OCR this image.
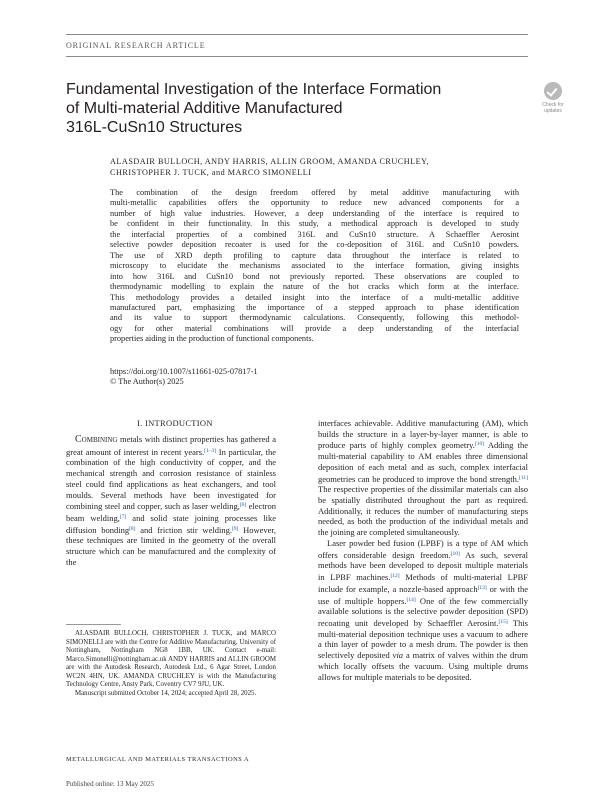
ORIGINAL RESEARCH ARTICLE
Fundamental Investigation of the Interface Formation
of Multi-material Additive Manufactured
316L-CuSn10 Structures
Check for
updates
ALASDAIR BULLOCH, ANDY HARRIS, ALLIN GROOM, AMANDA CRUCHLEY,
CHRISTOPHER J. TUCK, and MARCO SIMONELLI
The combination of the design freedom offered by metal additive manufacturing with
multi-metallic capabilities offers the opportunity to reduce new advanced components for a
number of high value industries. However, a deep understanding of the interface is required to
be confident in their functionality. In this study, a methodical approach is developed to study
the interfacial properties of a combined 316L and CuSn10 structure. A Schaeffler Aerosint
selective powder deposition recoater is used for the co-deposition of 316L and CuSn10 powders.
The use of XRD depth profiling to capture data throughout the interface is related to
microscopy to elucidate the mechanisms associated to the interface formation, giving insights
into how 316L and CuSn10 bond not previously reported. These observations are coupled to
thermodynamic modelling to explain the nature of the hot cracks which form at the interface.
This methodology provides a detailed insight into the interface of a multi-metallic additive
manufactured part, emphasizing the importance of a stepped approach to phase identification
and its value to support thermodynamic calculations. Consequently, following this methodol-
ogy for other material combinations will provide a deep understanding of the interfacial
properties aiding in the production of functional components.
https://doi.org/10.1007/s11661-025-07817-1
© The Author(s) 2025
I. INTRODUCTION

Combining metals with distinct properties has gathered a great amount of interest in recent years.[1–3] In particular, the combination of the high conductivity of copper, and the mechanical strength and corrosion resistance of stainless steel could find applications as heat exchangers, and tool moulds. Several methods have been investigated for combining steel and copper, such as laser welding,[6] electron beam welding,[7] and solid state joining processes like diffusion bonding[8] and friction stir welding.[9] However, these techniques are limited in the geometry of the overall structure which can be manufactured and the complexity of the

ALASDAIR BULLOCH, CHRISTOPHER J. TUCK, and MARCO SIMONELLI are with the Centre for Additive Manufacturing, University of Nottingham, Nottingham NG8 1BB, UK. Contact e-mail: Marco.Simonelli@nottingham.ac.uk ANDY HARRIS and ALLIN GROOM are with the Autodesk Research, Autodesk Ltd., 6 Agar Street, London WC2N 4HN, UK. AMANDA CRUCHLEY is with the Manufacturing Technology Centre, Ansty Park, Coventry CV7 9JU, UK.

Manuscript submitted October 14, 2024; accepted April 28, 2025.

interfaces achievable. Additive manufacturing (AM), which builds the structure in a layer-by-layer manner, is able to produce parts of highly complex geometry.[10] Adding the multi-material capability to AM enables three dimensional deposition of each metal and as such, complex interfacial geometries can be produced to improve the bond strength.[11] The respective properties of the dissimilar materials can also be spatially distributed throughout the part as required. Additionally, it reduces the number of manufacturing steps needed, as both the production of the individual metals and the joining are completed simultaneously.

Laser powder bed fusion (LPBF) is a type of AM which offers considerable design freedom.[10] As such, several methods have been developed to deposit multiple materials in LPBF machines.[12] Methods of multi-material LPBF include for example, a nozzle-based approach[13] or with the use of multiple hoppers.[14] One of the few commercially available solutions is the selective powder deposition (SPD) recoating unit developed by Schaeffler Aerosint.[15] This multi-material deposition technique uses a vacuum to adhere a thin layer of powder to a mesh drum. The powder is then selectively deposited via a matrix of valves within the drum which locally offsets the vacuum. Using multiple drums allows for multiple materials to be deposited.

METALLURGICAL AND MATERIALS TRANSACTIONS A
Published online: 13 May 2025
